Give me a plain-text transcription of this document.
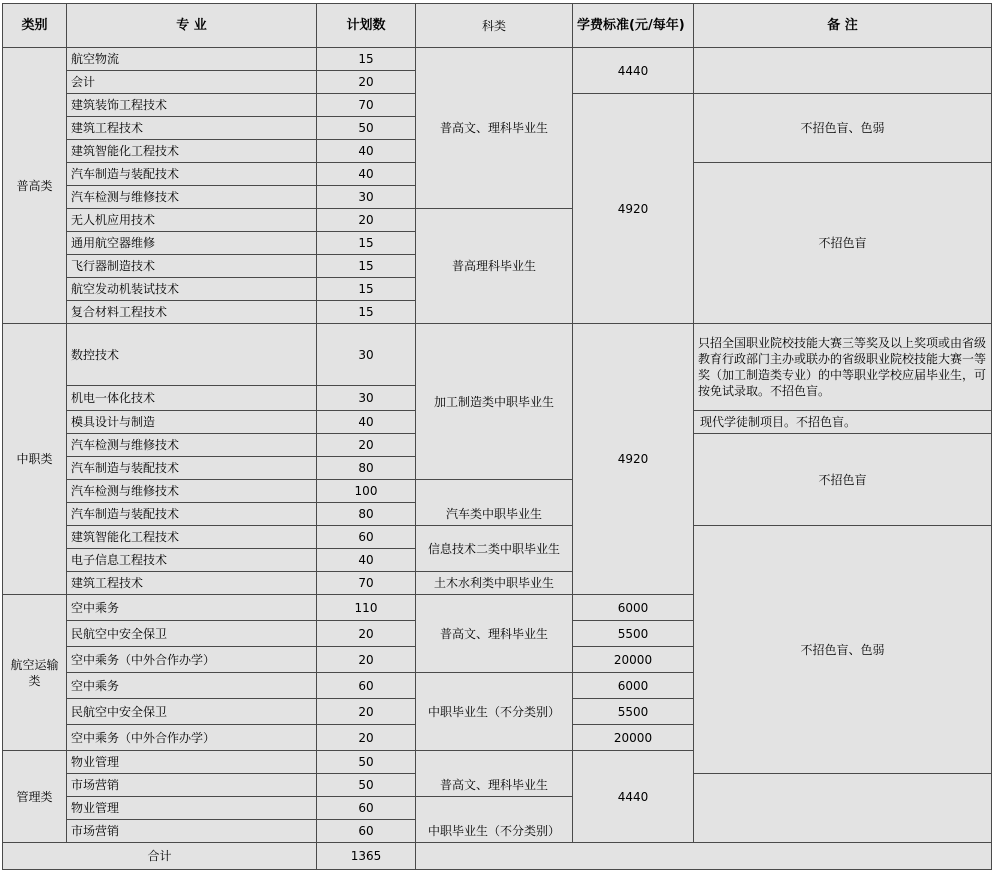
类别	专 业	计划数	科类	学费标准(元/每年)	备 注	
普高类	航空物流	15	普高文、理科毕业生	4440		
	会计	20				
	建筑装饰工程技术	70		4920	不招色盲、色弱	
	建筑工程技术	50				
	建筑智能化工程技术	40				
	汽车制造与装配技术	40			不招色盲	
	汽车检测与维修技术	30				
	无人机应用技术	20	普高理科毕业生			
	通用航空器维修	15				
	飞行器制造技术	15				
	航空发动机装试技术	15				
	复合材料工程技术	15				
中职类	数控技术	30	加工制造类中职毕业生	4920	只招全国职业院校技能大赛三等奖及以上奖项或由省级教育行政部门主办或联办的省级职业院校技能大赛一等奖（加工制造类专业）的中等职业学校应届毕业生，可按免试录取。不招色盲。	
	机电一体化技术	30				
	模具设计与制造	40			现代学徒制项目。不招色盲。	
	汽车检测与维修技术	20			不招色盲	
	汽车制造与装配技术	80				
	汽车检测与维修技术	100	汽车类中职毕业生			
	汽车制造与装配技术	80				
	建筑智能化工程技术	60	信息技术二类中职毕业生		不招色盲、色弱	
	电子信息工程技术	40				
	建筑工程技术	70	土木水利类中职毕业生			
航空运输类	空中乘务	110	普高文、理科毕业生	6000		
	民航空中安全保卫	20		5500		
	空中乘务（中外合作办学）	20		20000		
	空中乘务	60	中职毕业生（不分类别）	6000		
	民航空中安全保卫	20		5500		
	空中乘务（中外合作办学）	20		20000		
管理类	物业管理	50	普高文、理科毕业生	4440		
	市场营销	50				
	物业管理	60	中职毕业生（不分类别）			
	市场营销	60				
合计		1365				
